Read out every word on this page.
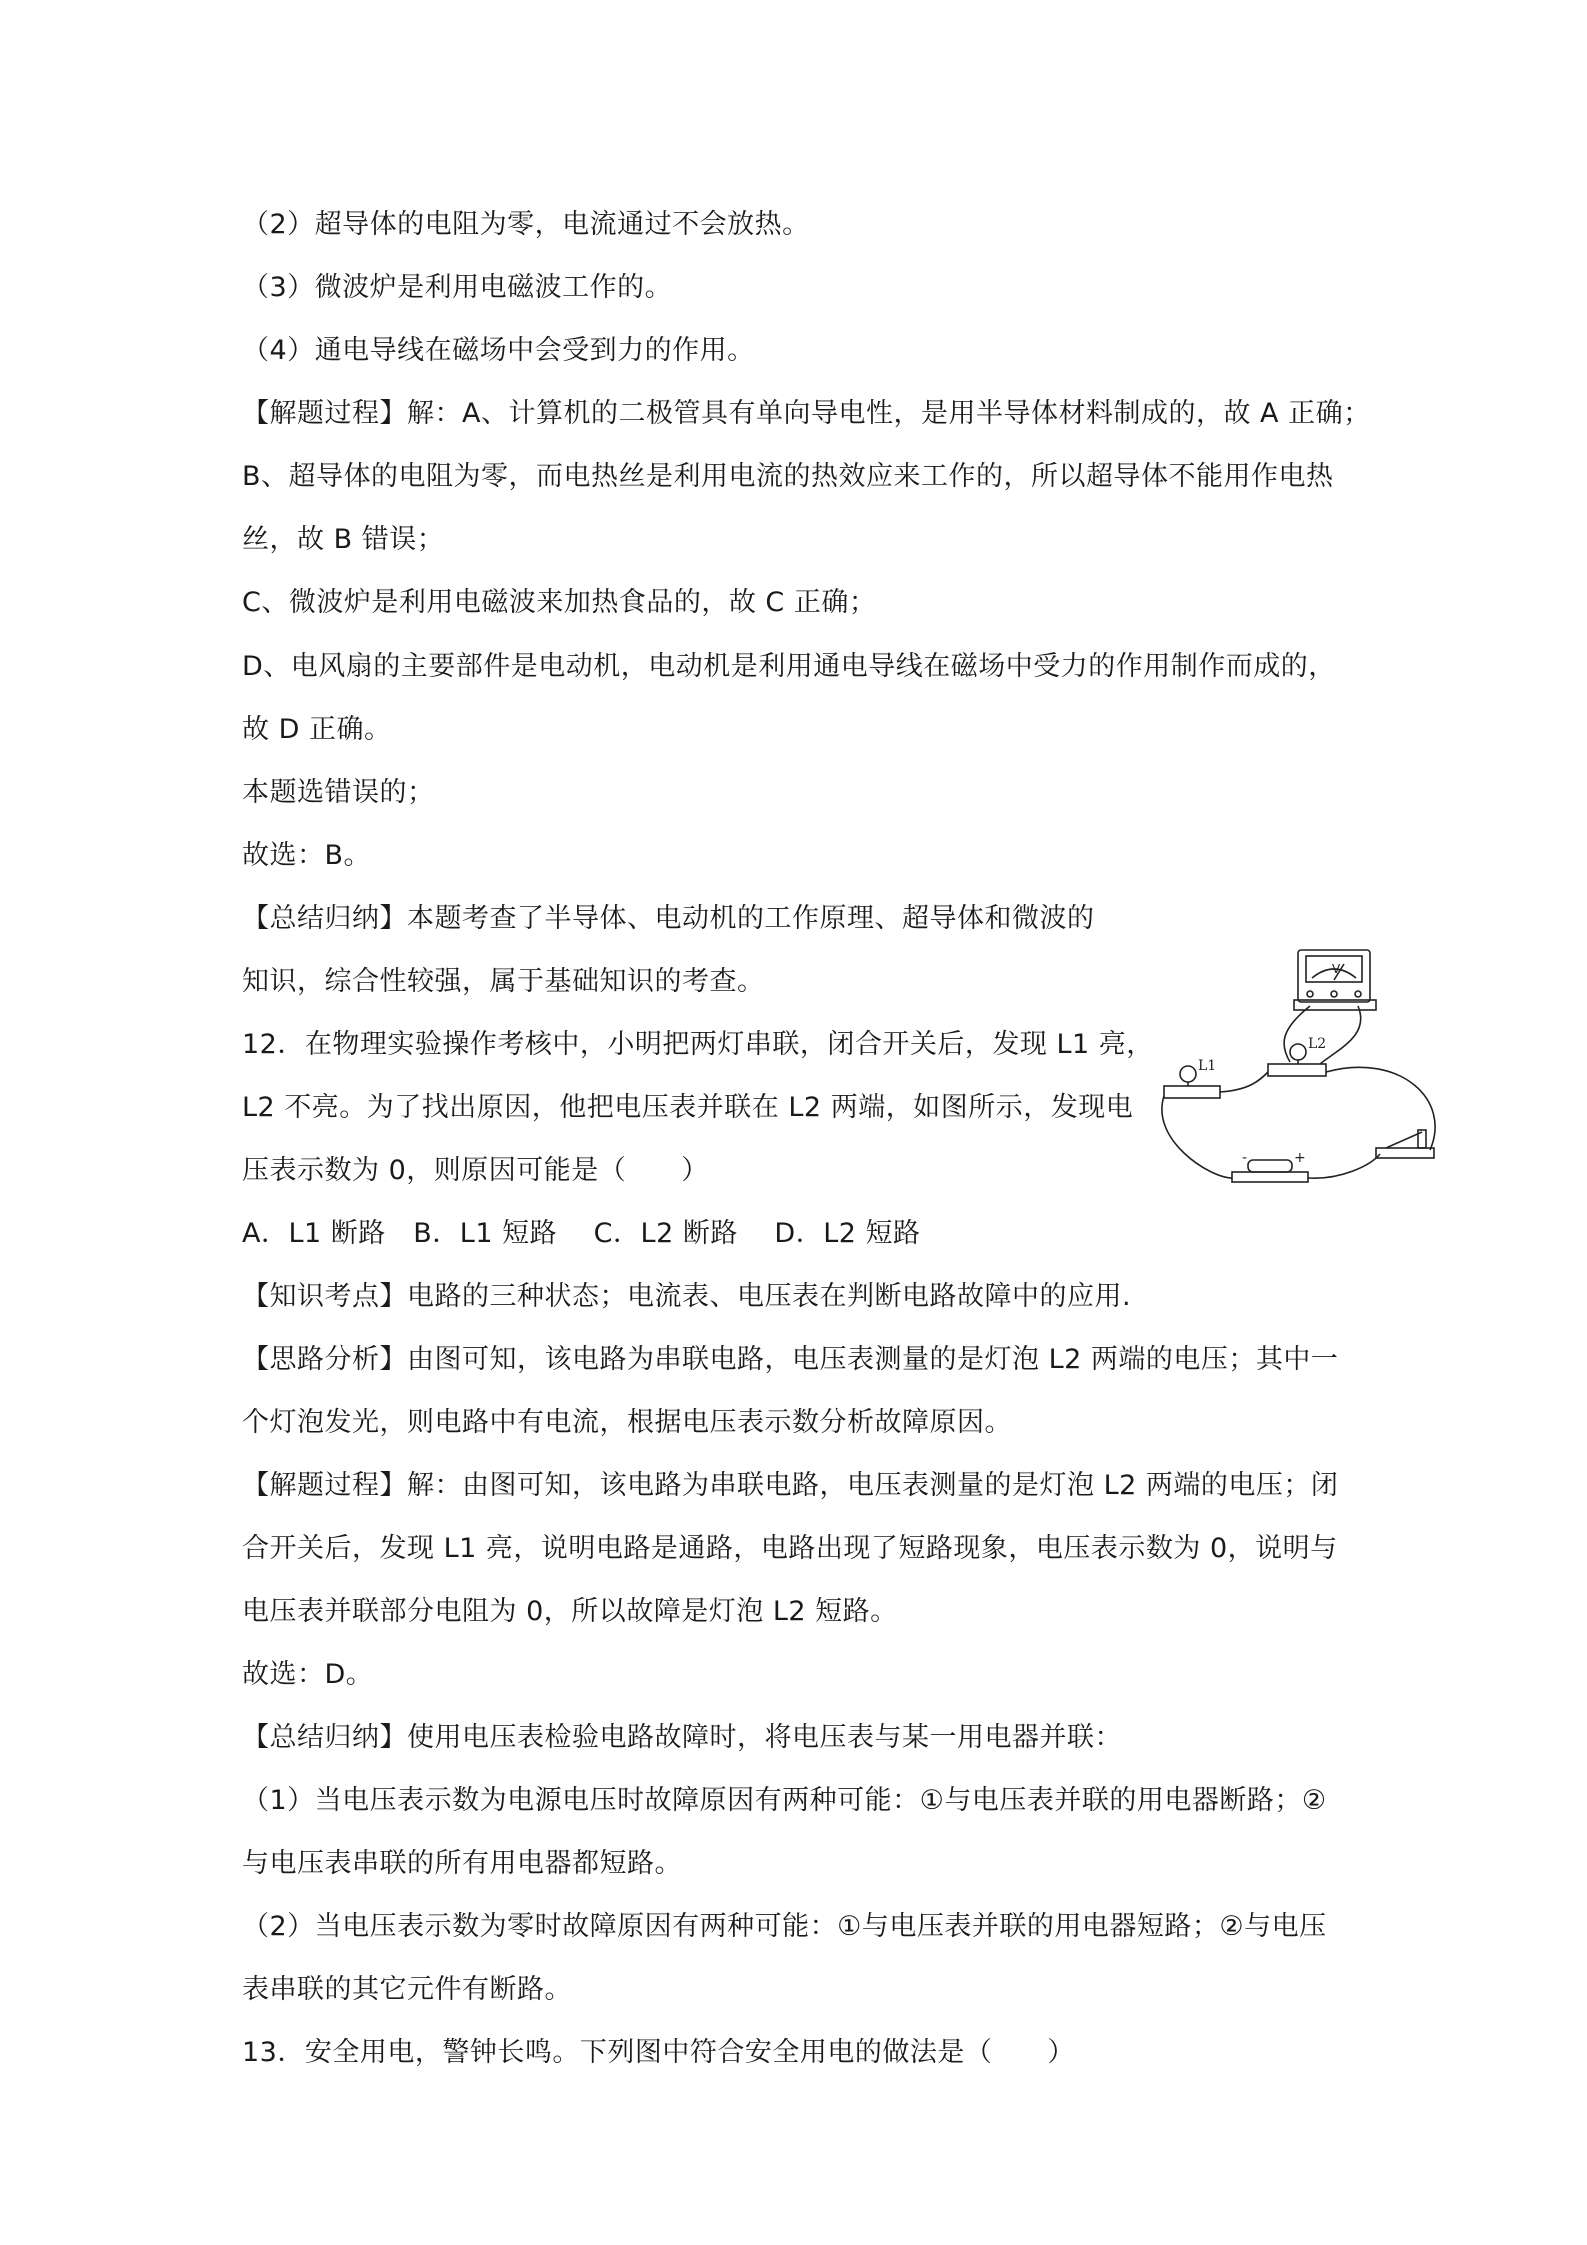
（2）超导体的电阻为零，电流通过不会放热。
（3）微波炉是利用电磁波工作的。
（4）通电导线在磁场中会受到力的作用。
【解题过程】解：A、计算机的二极管具有单向导电性，是用半导体材料制成的，故 A 正确；
B、超导体的电阻为零，而电热丝是利用电流的热效应来工作的，所以超导体不能用作电热
丝，故 B 错误；
C、微波炉是利用电磁波来加热食品的，故 C 正确；
D、电风扇的主要部件是电动机，电动机是利用通电导线在磁场中受力的作用制作而成的，
故 D 正确。
本题选错误的；
故选：B。
【总结归纳】本题考查了半导体、电动机的工作原理、超导体和微波的
知识，综合性较强，属于基础知识的考查。
12．在物理实验操作考核中，小明把两灯串联，闭合开关后，发现 L1 亮，
L2 不亮。为了找出原因，他把电压表并联在 L2 两端，如图所示，发现电
压表示数为 0，则原因可能是（　　）
A．L1 断路　B．L1 短路　 C．L2 断路　 D．L2 短路
【知识考点】电路的三种状态；电流表、电压表在判断电路故障中的应用.
【思路分析】由图可知，该电路为串联电路，电压表测量的是灯泡 L2 两端的电压；其中一
个灯泡发光，则电路中有电流，根据电压表示数分析故障原因。
【解题过程】解：由图可知，该电路为串联电路，电压表测量的是灯泡 L2 两端的电压；闭
合开关后，发现 L1 亮，说明电路是通路，电路出现了短路现象，电压表示数为 0，说明与
电压表并联部分电阻为 0，所以故障是灯泡 L2 短路。
故选：D。
【总结归纳】使用电压表检验电路故障时，将电压表与某一用电器并联：
（1）当电压表示数为电源电压时故障原因有两种可能：①与电压表并联的用电器断路；②
与电压表串联的所有用电器都短路。
（2）当电压表示数为零时故障原因有两种可能：①与电压表并联的用电器短路；②与电压
表串联的其它元件有断路。
13．安全用电，警钟长鸣。下列图中符合安全用电的做法是（　　）
V
L2
L1
-	+
